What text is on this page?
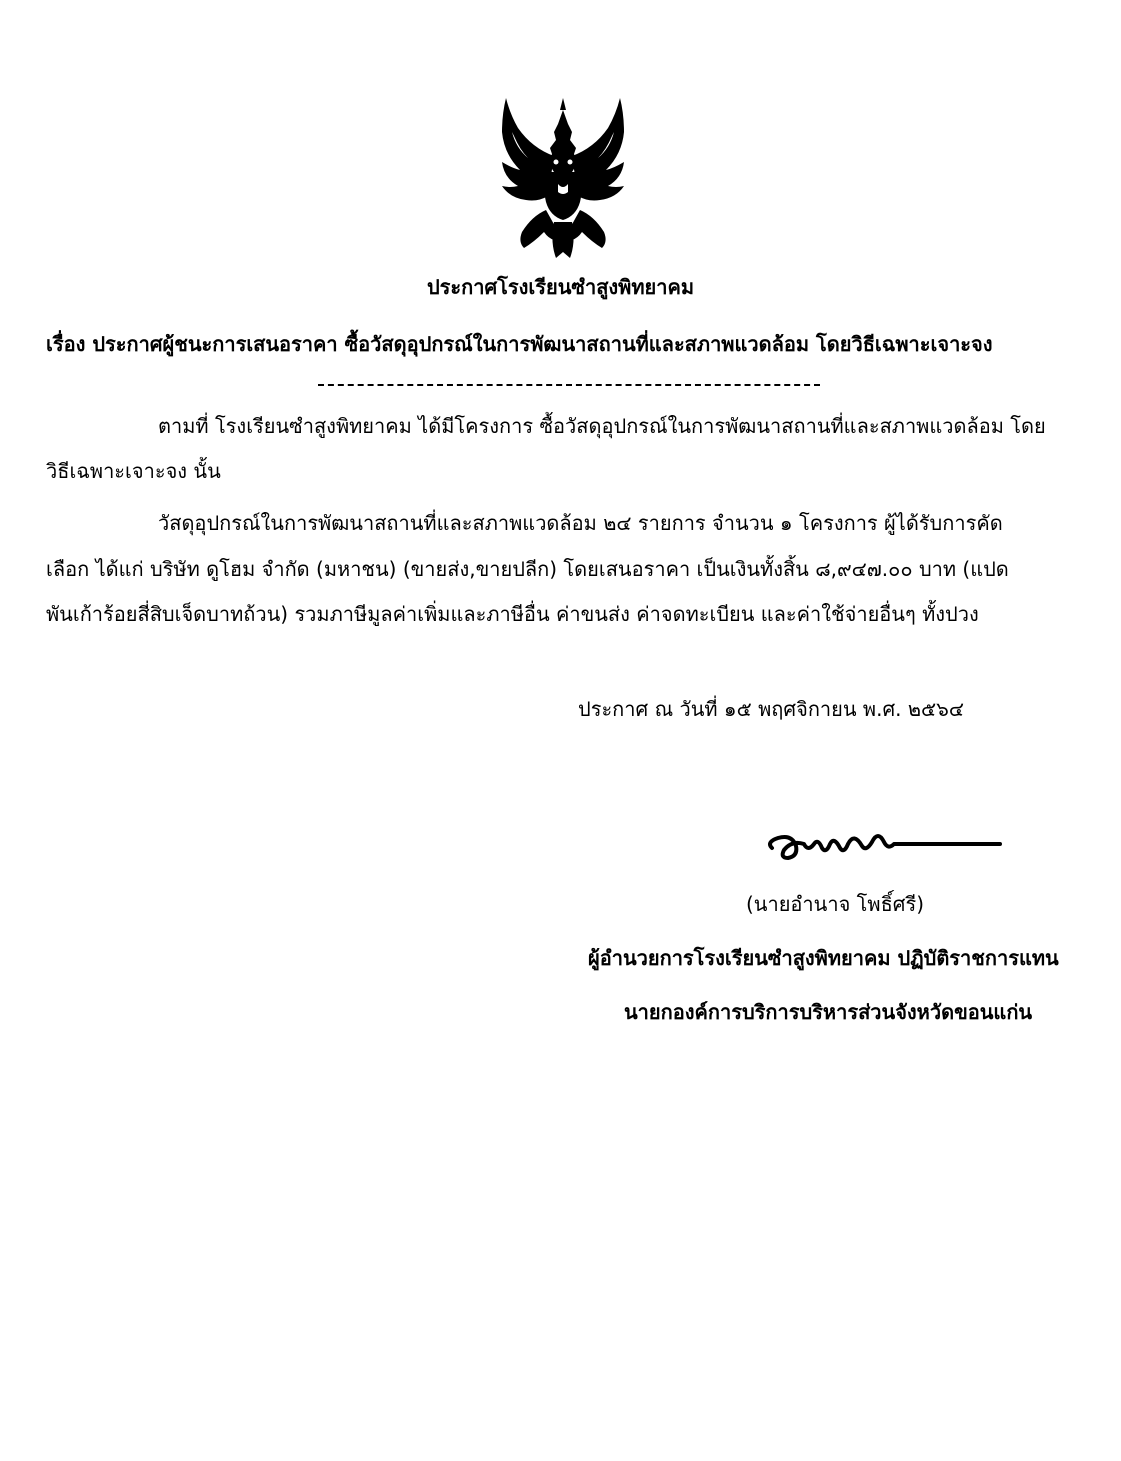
ประกาศโรงเรียนซำสูงพิทยาคม
เรื่อง ประกาศผู้ชนะการเสนอราคา ซื้อวัสดุอุปกรณ์ในการพัฒนาสถานที่และสภาพแวดล้อม โดยวิธีเฉพาะเจาะจง
ตามที่ โรงเรียนซำสูงพิทยาคม ได้มีโครงการ ซื้อวัสดุอุปกรณ์ในการพัฒนาสถานที่และสภาพแวดล้อม โดย
วิธีเฉพาะเจาะจง นั้น
วัสดุอุปกรณ์ในการพัฒนาสถานที่และสภาพแวดล้อม ๒๔ รายการ จำนวน ๑ โครงการ ผู้ได้รับการคัด
เลือก ได้แก่ บริษัท ดูโฮม จำกัด (มหาชน) (ขายส่ง,ขายปลีก) โดยเสนอราคา เป็นเงินทั้งสิ้น ๘,๙๔๗.๐๐ บาท (แปด
พันเก้าร้อยสี่สิบเจ็ดบาทถ้วน) รวมภาษีมูลค่าเพิ่มและภาษีอื่น ค่าขนส่ง ค่าจดทะเบียน และค่าใช้จ่ายอื่นๆ ทั้งปวง
ประกาศ ณ วันที่ ๑๕ พฤศจิกายน พ.ศ. ๒๕๖๔
(นายอำนาจ โพธิ์ศรี)
ผู้อำนวยการโรงเรียนซำสูงพิทยาคม ปฏิบัติราชการแทน
นายกองค์การบริการบริหารส่วนจังหวัดขอนแก่น
